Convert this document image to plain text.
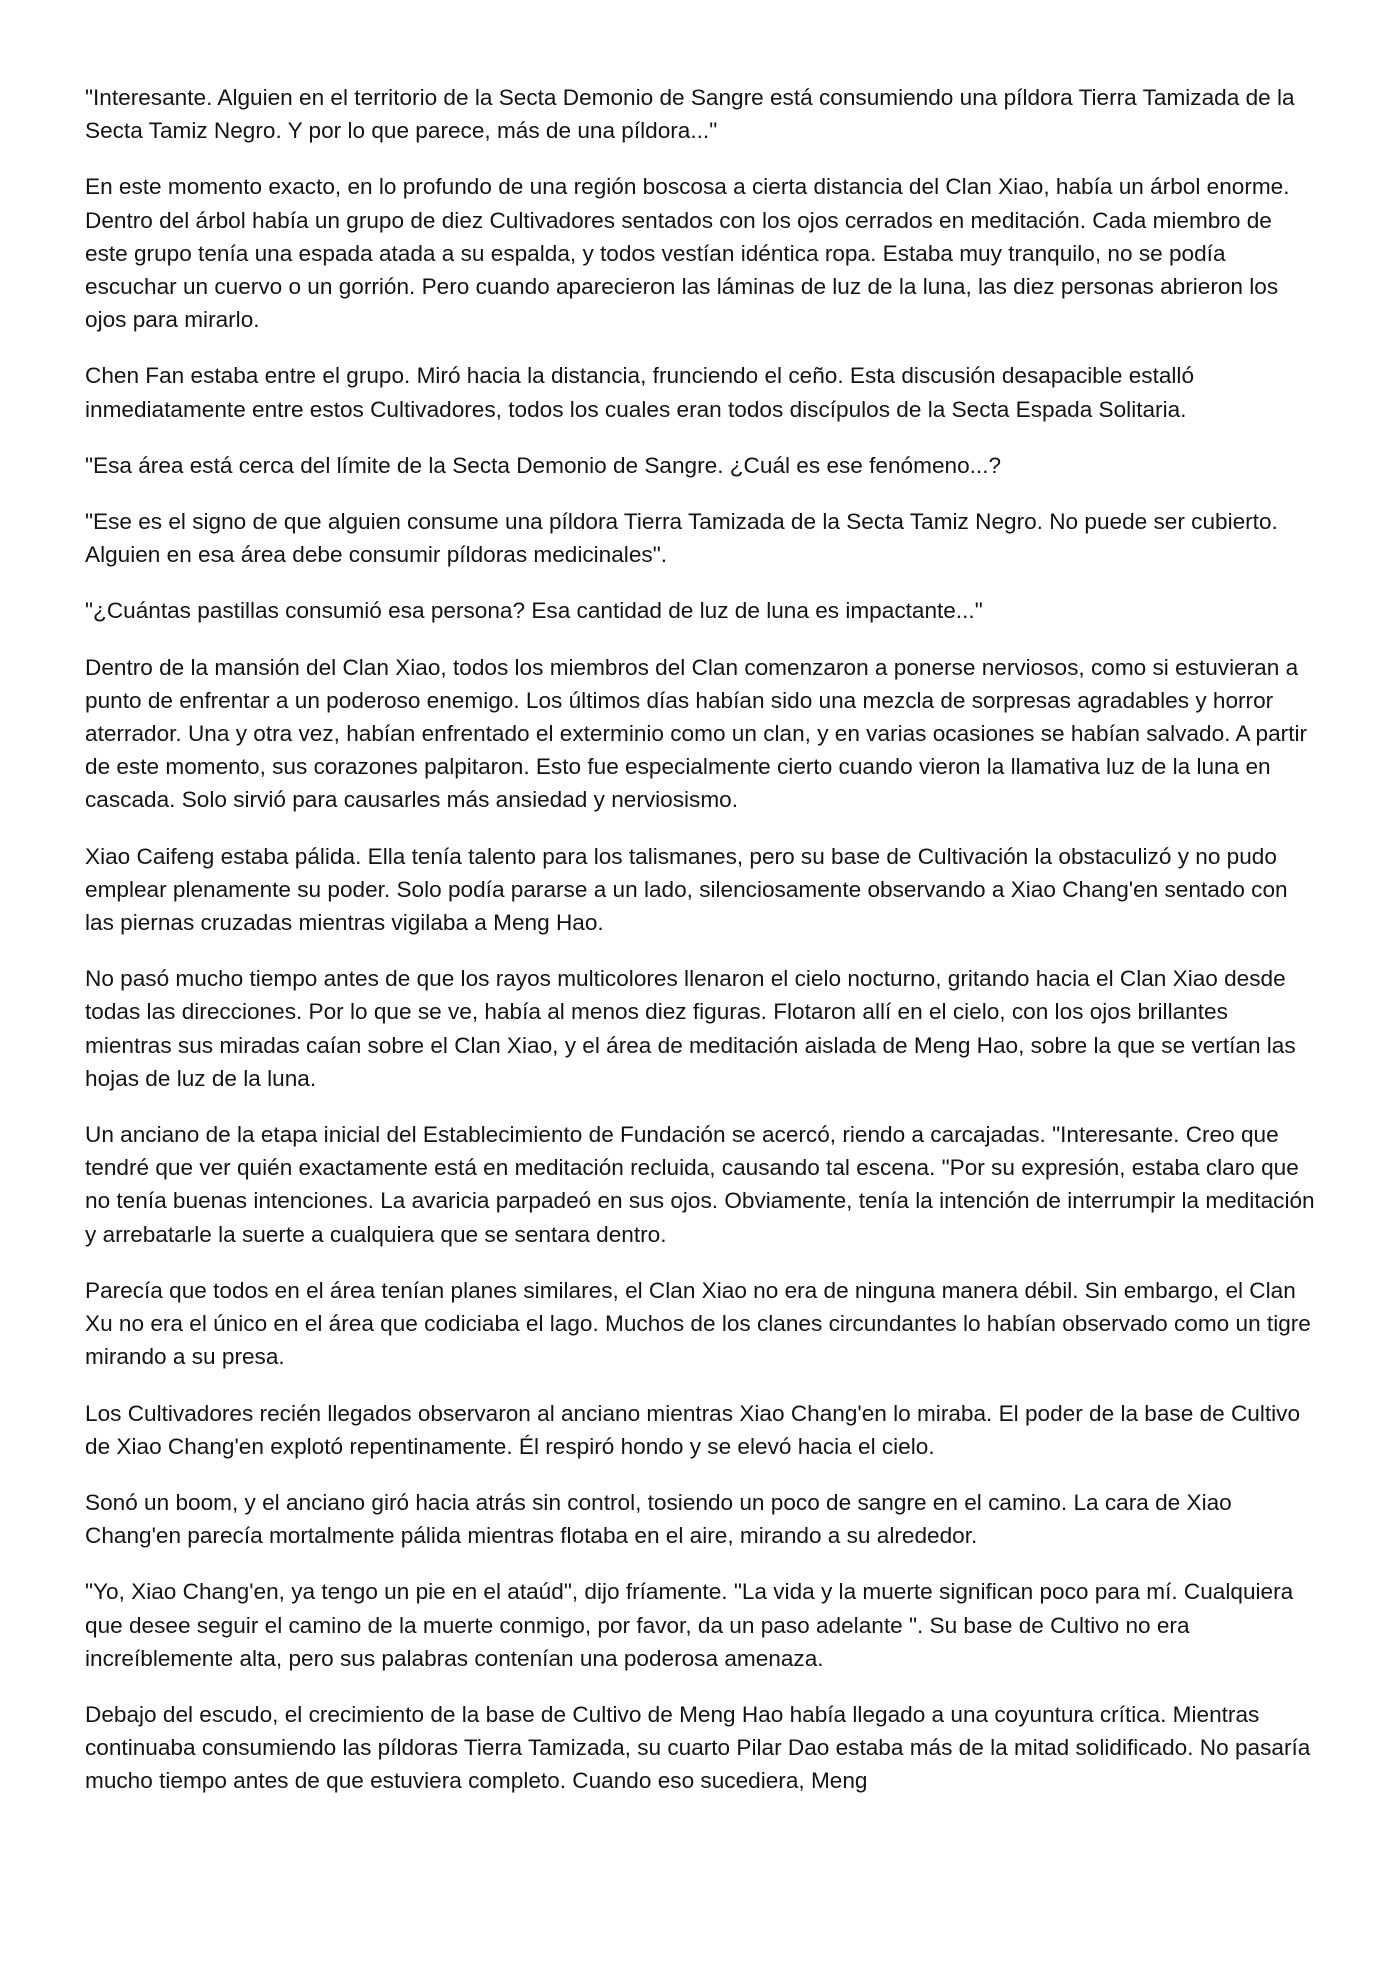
"Interesante. Alguien en el territorio de la Secta Demonio de Sangre está consumiendo una píldora Tierra Tamizada de la Secta Tamiz Negro. Y por lo que parece, más de una píldora..."

En este momento exacto, en lo profundo de una región boscosa a cierta distancia del Clan Xiao, había un árbol enorme. Dentro del árbol había un grupo de diez Cultivadores sentados con los ojos cerrados en meditación. Cada miembro de este grupo tenía una espada atada a su espalda, y todos vestían idéntica ropa. Estaba muy tranquilo, no se podía escuchar un cuervo o un gorrión. Pero cuando aparecieron las láminas de luz de la luna, las diez personas abrieron los ojos para mirarlo.

Chen Fan estaba entre el grupo. Miró hacia la distancia, frunciendo el ceño. Esta discusión desapacible estalló inmediatamente entre estos Cultivadores, todos los cuales eran todos discípulos de la Secta Espada Solitaria.

"Esa área está cerca del límite de la Secta Demonio de Sangre. ¿Cuál es ese fenómeno...?

"Ese es el signo de que alguien consume una píldora Tierra Tamizada de la Secta Tamiz Negro. No puede ser cubierto. Alguien en esa área debe consumir píldoras medicinales".

"¿Cuántas pastillas consumió esa persona? Esa cantidad de luz de luna es impactante..."

Dentro de la mansión del Clan Xiao, todos los miembros del Clan comenzaron a ponerse nerviosos, como si estuvieran a punto de enfrentar a un poderoso enemigo. Los últimos días habían sido una mezcla de sorpresas agradables y horror aterrador. Una y otra vez, habían enfrentado el exterminio como un clan, y en varias ocasiones se habían salvado. A partir de este momento, sus corazones palpitaron. Esto fue especialmente cierto cuando vieron la llamativa luz de la luna en cascada. Solo sirvió para causarles más ansiedad y nerviosismo.

Xiao Caifeng estaba pálida. Ella tenía talento para los talismanes, pero su base de Cultivación la obstaculizó y no pudo emplear plenamente su poder. Solo podía pararse a un lado, silenciosamente observando a Xiao Chang'en sentado con las piernas cruzadas mientras vigilaba a Meng Hao.

No pasó mucho tiempo antes de que los rayos multicolores llenaron el cielo nocturno, gritando hacia el Clan Xiao desde todas las direcciones. Por lo que se ve, había al menos diez figuras. Flotaron allí en el cielo, con los ojos brillantes mientras sus miradas caían sobre el Clan Xiao, y el área de meditación aislada de Meng Hao, sobre la que se vertían las hojas de luz de la luna.

Un anciano de la etapa inicial del Establecimiento de Fundación se acercó, riendo a carcajadas. "Interesante. Creo que tendré que ver quién exactamente está en meditación recluida, causando tal escena. "Por su expresión, estaba claro que no tenía buenas intenciones. La avaricia parpadeó en sus ojos. Obviamente, tenía la intención de interrumpir la meditación y arrebatarle la suerte a cualquiera que se sentara dentro.

Parecía que todos en el área tenían planes similares, el Clan Xiao no era de ninguna manera débil. Sin embargo, el Clan Xu no era el único en el área que codiciaba el lago. Muchos de los clanes circundantes lo habían observado como un tigre mirando a su presa.

Los Cultivadores recién llegados observaron al anciano mientras Xiao Chang'en lo miraba. El poder de la base de Cultivo de Xiao Chang'en explotó repentinamente. Él respiró hondo y se elevó hacia el cielo.

Sonó un boom, y el anciano giró hacia atrás sin control, tosiendo un poco de sangre en el camino. La cara de Xiao Chang'en parecía mortalmente pálida mientras flotaba en el aire, mirando a su alrededor.

"Yo, Xiao Chang'en, ya tengo un pie en el ataúd", dijo fríamente. "La vida y la muerte significan poco para mí. Cualquiera que desee seguir el camino de la muerte conmigo, por favor, da un paso adelante ". Su base de Cultivo no era increíblemente alta, pero sus palabras contenían una poderosa amenaza.

Debajo del escudo, el crecimiento de la base de Cultivo de Meng Hao había llegado a una coyuntura crítica. Mientras continuaba consumiendo las píldoras Tierra Tamizada, su cuarto Pilar Dao estaba más de la mitad solidificado. No pasaría mucho tiempo antes de que estuviera completo. Cuando eso sucediera, Meng
